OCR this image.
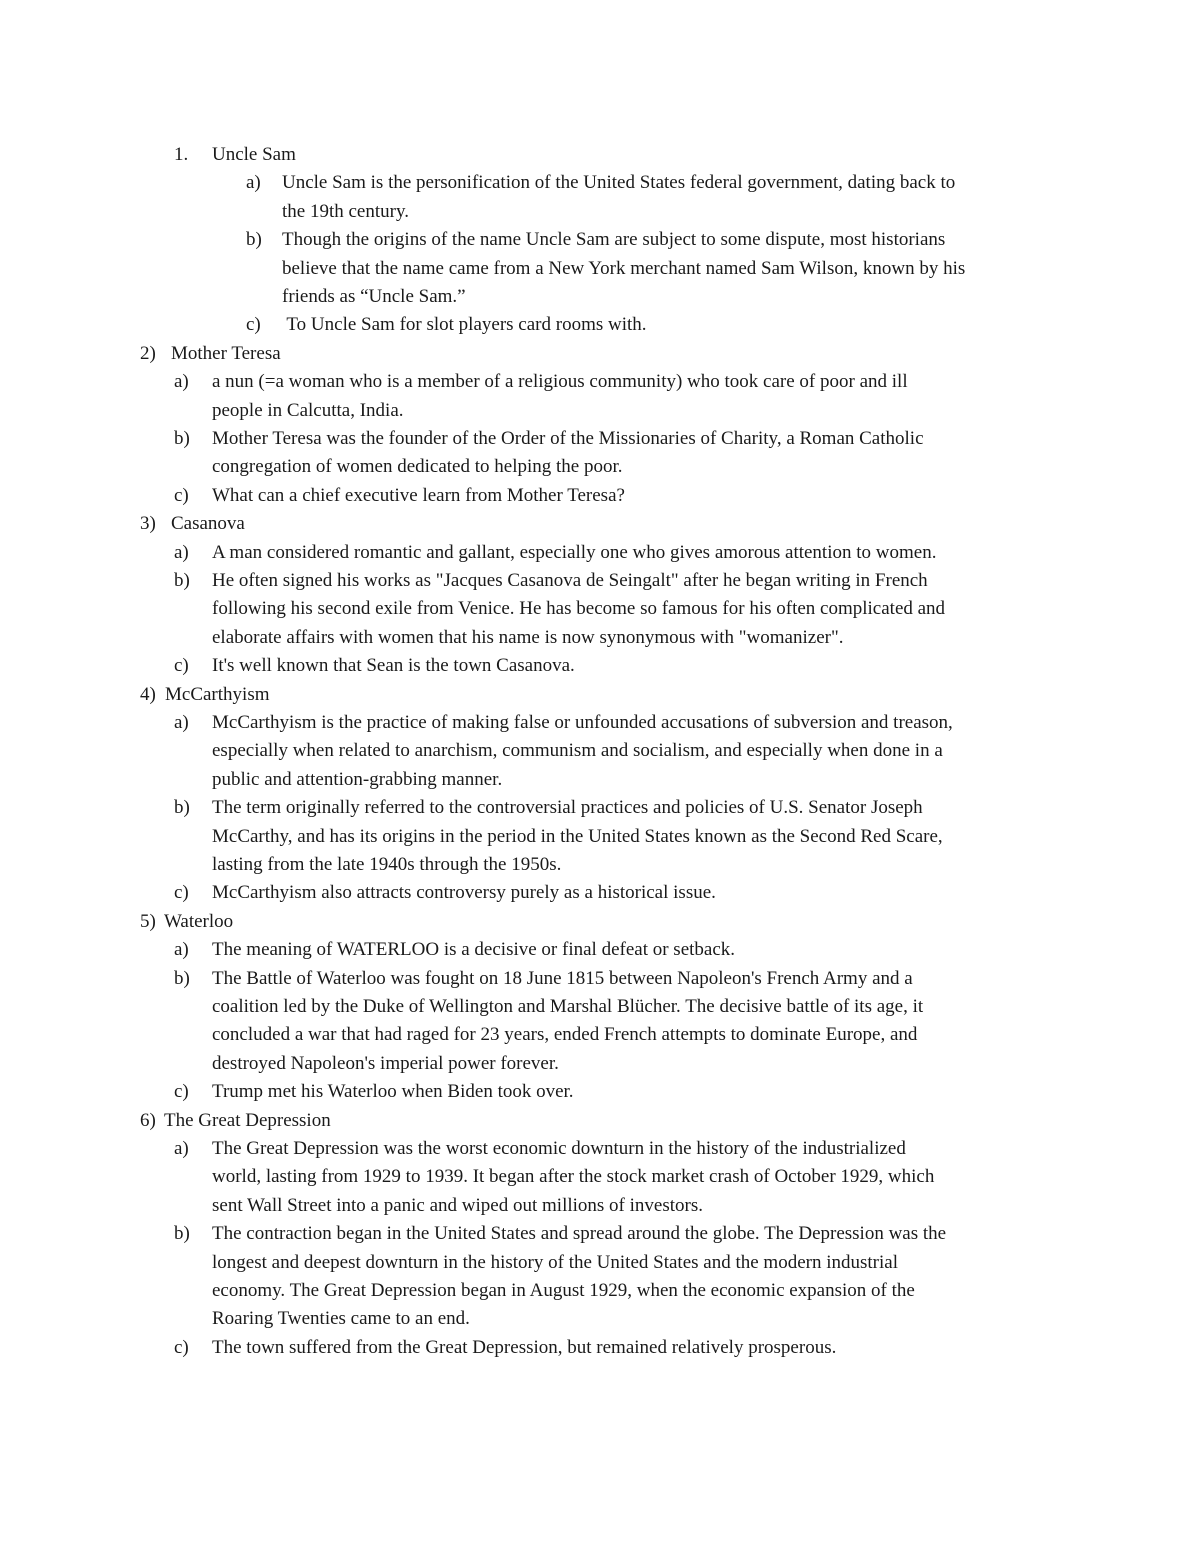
1. Uncle Sam
a) Uncle Sam is the personification of the United States federal government, dating back to
the 19th century.
b) Though the origins of the name Uncle Sam are subject to some dispute, most historians
believe that the name came from a New York merchant named Sam Wilson, known by his
friends as “Uncle Sam.”
c) To Uncle Sam for slot players card rooms with.
2) Mother Teresa
a) a nun (=a woman who is a member of a religious community) who took care of poor and ill
people in Calcutta, India.
b) Mother Teresa was the founder of the Order of the Missionaries of Charity, a Roman Catholic
congregation of women dedicated to helping the poor.
c) What can a chief executive learn from Mother Teresa?
3) Casanova
a) A man considered romantic and gallant, especially one who gives amorous attention to women.
b) He often signed his works as "Jacques Casanova de Seingalt" after he began writing in French
following his second exile from Venice. He has become so famous for his often complicated and
elaborate affairs with women that his name is now synonymous with "womanizer".
c) It's well known that Sean is the town Casanova.
4) McCarthyism
a) McCarthyism is the practice of making false or unfounded accusations of subversion and treason,
especially when related to anarchism, communism and socialism, and especially when done in a
public and attention-grabbing manner.
b) The term originally referred to the controversial practices and policies of U.S. Senator Joseph
McCarthy, and has its origins in the period in the United States known as the Second Red Scare,
lasting from the late 1940s through the 1950s.
c) McCarthyism also attracts controversy purely as a historical issue.
5) Waterloo
a) The meaning of WATERLOO is a decisive or final defeat or setback.
b) The Battle of Waterloo was fought on 18 June 1815 between Napoleon's French Army and a
coalition led by the Duke of Wellington and Marshal Blücher. The decisive battle of its age, it
concluded a war that had raged for 23 years, ended French attempts to dominate Europe, and
destroyed Napoleon's imperial power forever.
c) Trump met his Waterloo when Biden took over.
6) The Great Depression
a) The Great Depression was the worst economic downturn in the history of the industrialized
world, lasting from 1929 to 1939. It began after the stock market crash of October 1929, which
sent Wall Street into a panic and wiped out millions of investors.
b) The contraction began in the United States and spread around the globe. The Depression was the
longest and deepest downturn in the history of the United States and the modern industrial
economy. The Great Depression began in August 1929, when the economic expansion of the
Roaring Twenties came to an end.
c) The town suffered from the Great Depression, but remained relatively prosperous.
